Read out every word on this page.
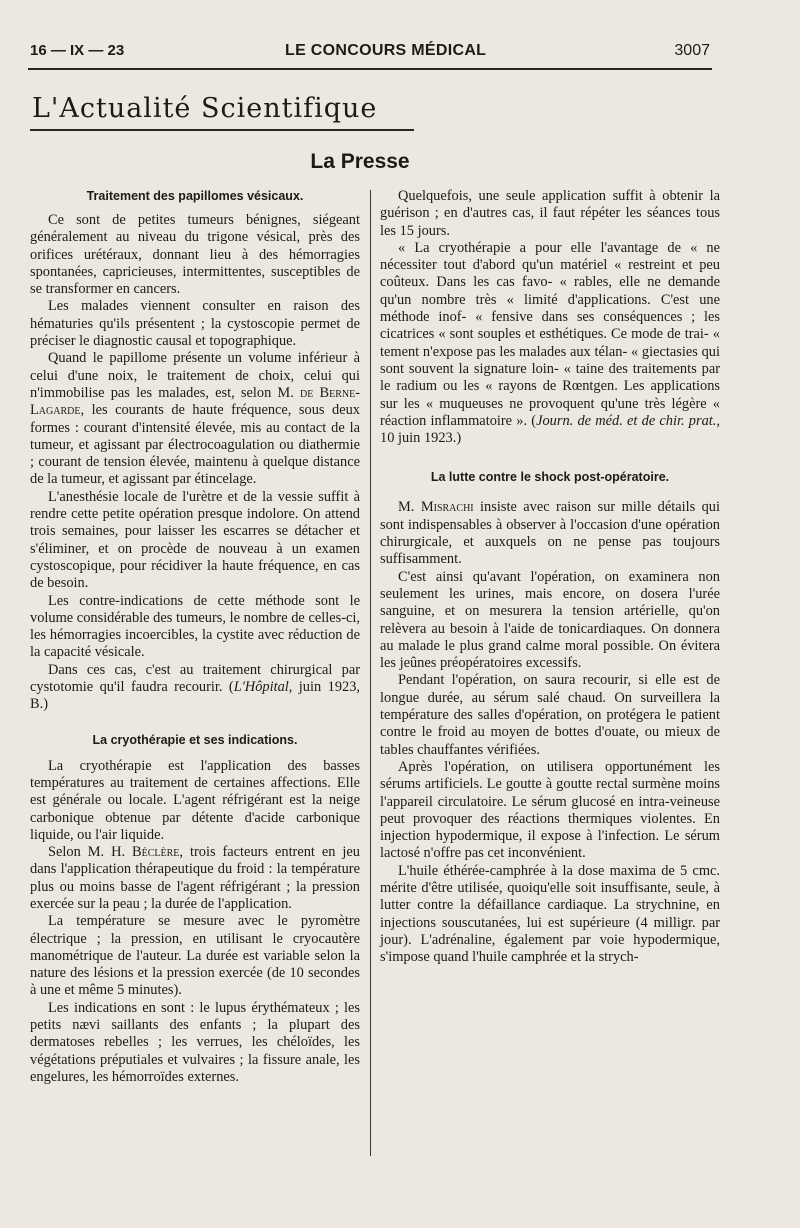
16 — IX — 23	LE CONCOURS MÉDICAL	3007
L'Actualité Scientifique
La Presse
Traitement des papillomes vésicaux.

Ce sont de petites tumeurs bénignes, siégeant généralement au niveau du trigone vésical, près des orifices urétéraux, donnant lieu à des hémorragies spontanées, capricieuses, intermittentes, susceptibles de se transformer en cancers.

Les malades viennent consulter en raison des hématuries qu'ils présentent ; la cystoscopie permet de préciser le diagnostic causal et topographique.

Quand le papillome présente un volume inférieur à celui d'une noix, le traitement de choix, celui qui n'immobilise pas les malades, est, selon M. de Berne-Lagarde, les courants de haute fréquence, sous deux formes : courant d'intensité élevée, mis au contact de la tumeur, et agissant par électrocoagulation ou diathermie ; courant de tension élevée, maintenu à quelque distance de la tumeur, et agissant par étincelage.

L'anesthésie locale de l'urètre et de la vessie suffit à rendre cette petite opération presque indolore. On attend trois semaines, pour laisser les escarres se détacher et s'éliminer, et on procède de nouveau à un examen cystoscopique, pour récidiver la haute fréquence, en cas de besoin.

Les contre-indications de cette méthode sont le volume considérable des tumeurs, le nombre de celles-ci, les hémorragies incoercibles, la cystite avec réduction de la capacité vésicale.

Dans ces cas, c'est au traitement chirurgical par cystotomie qu'il faudra recourir. (L'Hôpital, juin 1923, B.)

La cryothérapie et ses indications.

La cryothérapie est l'application des basses températures au traitement de certaines affections. Elle est générale ou locale. L'agent réfrigérant est la neige carbonique obtenue par détente d'acide carbonique liquide, ou l'air liquide.

Selon M. H. Béclère, trois facteurs entrent en jeu dans l'application thérapeutique du froid : la température plus ou moins basse de l'agent réfrigérant ; la pression exercée sur la peau ; la durée de l'application.

La température se mesure avec le pyromètre électrique ; la pression, en utilisant le cryocautère manométrique de l'auteur. La durée est variable selon la nature des lésions et la pression exercée (de 10 secondes à une et même 5 minutes).

Les indications en sont : le lupus érythémateux ; les petits nævi saillants des enfants ; la plupart des dermatoses rebelles ; les verrues, les chéloïdes, les végétations préputiales et vulvaires ; la fissure anale, les engelures, les hémorroïdes externes.

Quelquefois, une seule application suffit à obtenir la guérison ; en d'autres cas, il faut répéter les séances tous les 15 jours.

« La cryothérapie a pour elle l'avantage de « ne nécessiter tout d'abord qu'un matériel « restreint et peu coûteux. Dans les cas favo- « rables, elle ne demande qu'un nombre très « limité d'applications. C'est une méthode inof- « fensive dans ses conséquences ; les cicatrices « sont souples et esthétiques. Ce mode de trai- « tement n'expose pas les malades aux télan- « giectasies qui sont souvent la signature loin- « taine des traitements par le radium ou les « rayons de Rœntgen. Les applications sur les « muqueuses ne provoquent qu'une très légère « réaction inflammatoire ». (Journ. de méd. et de chir. prat., 10 juin 1923.)

La lutte contre le shock post-opératoire.

M. Misrachi insiste avec raison sur mille détails qui sont indispensables à observer à l'occasion d'une opération chirurgicale, et auxquels on ne pense pas toujours suffisamment.

C'est ainsi qu'avant l'opération, on examinera non seulement les urines, mais encore, on dosera l'urée sanguine, et on mesurera la tension artérielle, qu'on relèvera au besoin à l'aide de tonicardiaques. On donnera au malade le plus grand calme moral possible. On évitera les jeûnes préopératoires excessifs.

Pendant l'opération, on saura recourir, si elle est de longue durée, au sérum salé chaud. On surveillera la température des salles d'opération, on protégera le patient contre le froid au moyen de bottes d'ouate, ou mieux de tables chauffantes vérifiées.

Après l'opération, on utilisera opportunément les sérums artificiels. Le goutte à goutte rectal surmène moins l'appareil circulatoire. Le sérum glucosé en intra-veineuse peut provoquer des réactions thermiques violentes. En injection hypodermique, il expose à l'infection. Le sérum lactosé n'offre pas cet inconvénient.

L'huile éthérée-camphrée à la dose maxima de 5 cmc. mérite d'être utilisée, quoiqu'elle soit insuffisante, seule, à lutter contre la défaillance cardiaque. La strychnine, en injections souscutanées, lui est supérieure (4 milligr. par jour). L'adrénaline, également par voie hypodermique, s'impose quand l'huile camphrée et la strych-
